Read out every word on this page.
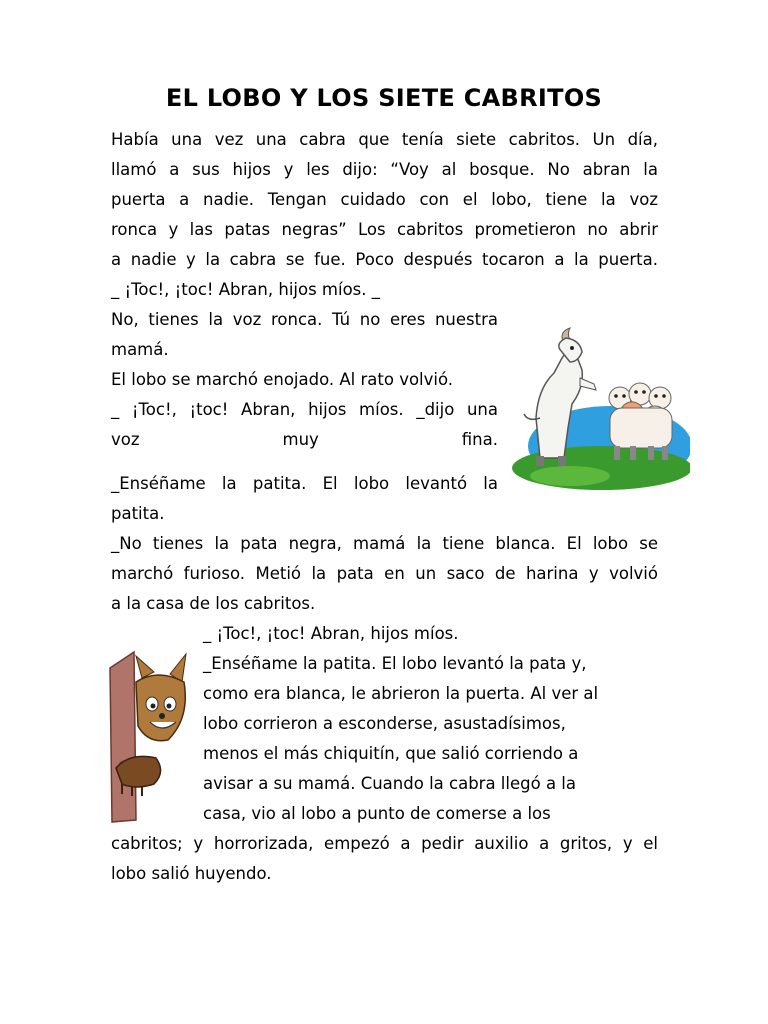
EL LOBO Y LOS SIETE CABRITOS
Había una vez una cabra que tenía siete cabritos. Un día,
llamó a sus hijos y les dijo: “Voy al bosque. No abran la
puerta a nadie. Tengan cuidado con el lobo, tiene la voz
ronca y las patas negras” Los cabritos prometieron no abrir
a nadie y la cabra se fue. Poco después tocaron a la puerta.
_ ¡Toc!, ¡toc! Abran, hijos míos. _
No, tienes la voz ronca. Tú no eres nuestra
mamá.
El lobo se marchó enojado. Al rato volvió.
_ ¡Toc!, ¡toc! Abran, hijos míos. _dijo una
voz muy fina.
_Enséñame la patita. El lobo levantó la
patita.
_No tienes la pata negra, mamá la tiene blanca. El lobo se
marchó furioso. Metió la pata en un saco de harina y volvió
a la casa de los cabritos.
_ ¡Toc!, ¡toc! Abran, hijos míos.
_Enséñame la patita. El lobo levantó la pata y,
como era blanca, le abrieron la puerta. Al ver al
lobo corrieron a esconderse, asustadísimos,
menos el más chiquitín, que salió corriendo a
avisar a su mamá. Cuando la cabra llegó a la
casa, vio al lobo a punto de comerse a los
cabritos; y horrorizada, empezó a pedir auxilio a gritos, y el
lobo salió huyendo.
